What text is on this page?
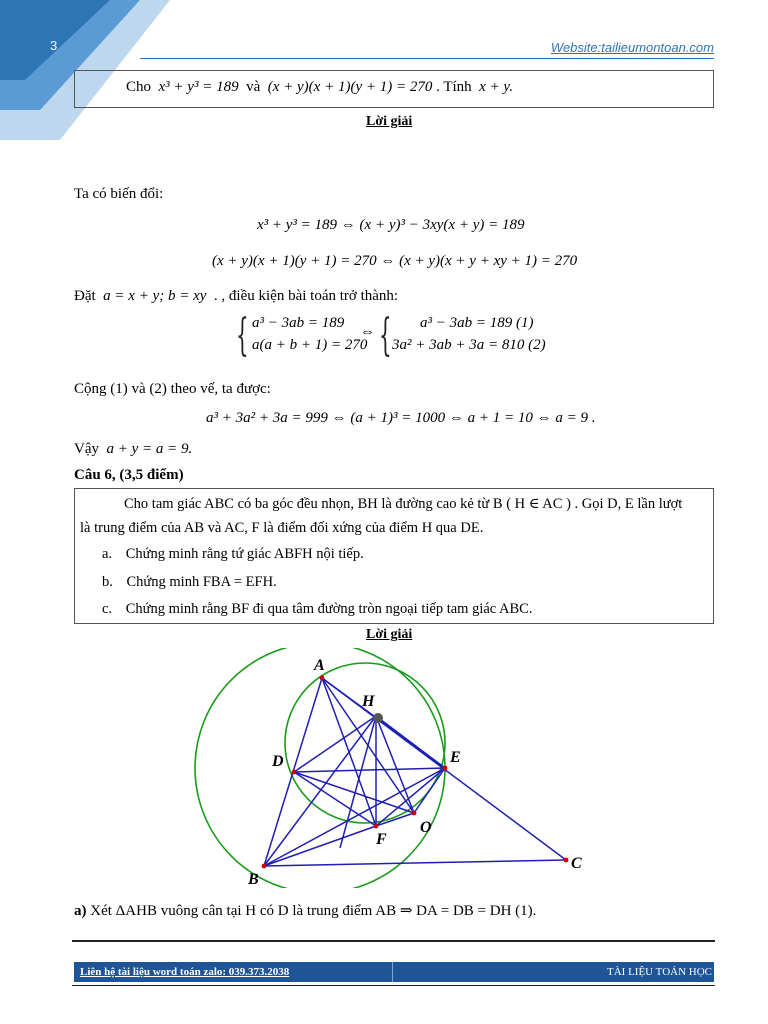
3	Website:tailieumontoan.com
Cho x³ + y³ = 189 và (x + y)(x + 1)(y + 1) = 270 . Tính x + y.
Lời giải
Ta có biến đổi:
x³ + y³ = 189 ⇔ (x + y)³ − 3xy(x + y) = 189
(x + y)(x + 1)(y + 1) = 270 ⇔ (x + y)(x + y + xy + 1) = 270
Đặt a = x + y; b = xy . , điều kiện bài toán trở thành:
{ a³ − 3ab = 189
a(a + b + 1) = 270
⇔ {	a³ − 3ab = 189 (1)
3a² + 3ab + 3a = 810 (2)
Cộng (1) và (2) theo vế, ta được:
a³ + 3a² + 3a = 999 ⇔ (a + 1)³ = 1000 ⇔ a + 1 = 10 ⇔ a = 9 .
Vậy a + y = a = 9.
Câu 6, (3,5 điểm)
Cho tam giác ABC có ba góc đều nhọn, BH là đường cao kẻ từ B ( H ∈ AC ) . Gọi D, E lần lượt
là trung điểm của AB và AC, F là điểm đối xứng của điểm H qua DE.
a. Chứng minh rằng tứ giác ABFH nội tiếp.
b. Chứng minh FBA = EFH.
c. Chứng minh rằng BF đi qua tâm đường tròn ngoại tiếp tam giác ABC.
Lời giải
A
H
D	E
O
F
B
C
a) Xét ΔAHB vuông cân tại H có D là trung điểm AB ⇒ DA = DB = DH (1).
Liên hệ tài liệu word toán zalo: 039.373.2038	TÀI LIỆU TOÁN HỌC
